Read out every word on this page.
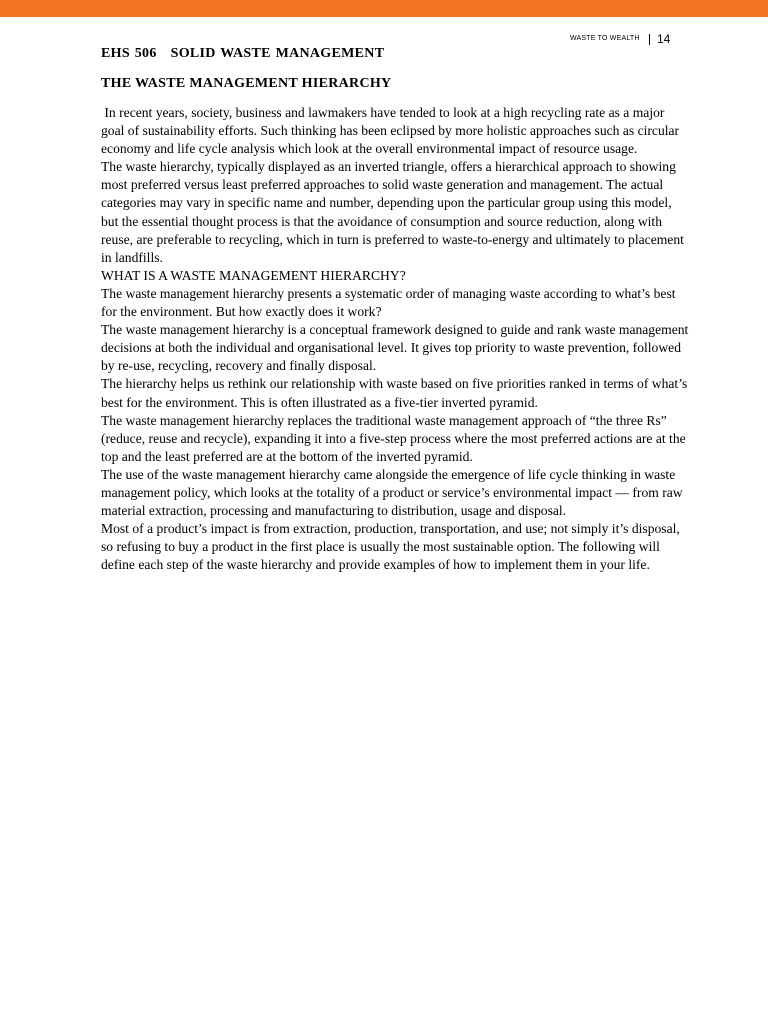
WASTE TO WEALTH 14
EHS 506 SOLID WASTE MANAGEMENT
THE WASTE MANAGEMENT HIERARCHY

In recent years, society, business and lawmakers have tended to look at a high recycling rate as a major goal of sustainability efforts. Such thinking has been eclipsed by more holistic approaches such as circular economy and life cycle analysis which look at the overall environmental impact of resource usage.

The waste hierarchy, typically displayed as an inverted triangle, offers a hierarchical approach to showing most preferred versus least preferred approaches to solid waste generation and management. The actual categories may vary in specific name and number, depending upon the particular group using this model, but the essential thought process is that the avoidance of consumption and source reduction, along with reuse, are preferable to recycling, which in turn is preferred to waste-to-energy and ultimately to placement in landfills.

WHAT IS A WASTE MANAGEMENT HIERARCHY?

The waste management hierarchy presents a systematic order of managing waste according to what’s best for the environment. But how exactly does it work?

The waste management hierarchy is a conceptual framework designed to guide and rank waste management decisions at both the individual and organisational level. It gives top priority to waste prevention, followed by re-use, recycling, recovery and finally disposal.

The hierarchy helps us rethink our relationship with waste based on five priorities ranked in terms of what’s best for the environment. This is often illustrated as a five-tier inverted pyramid.

The waste management hierarchy replaces the traditional waste management approach of “the three Rs” (reduce, reuse and recycle), expanding it into a five-step process where the most preferred actions are at the top and the least preferred are at the bottom of the inverted pyramid.

The use of the waste management hierarchy came alongside the emergence of life cycle thinking in waste management policy, which looks at the totality of a product or service’s environmental impact — from raw material extraction, processing and manufacturing to distribution, usage and disposal.

Most of a product’s impact is from extraction, production, transportation, and use; not simply it’s disposal, so refusing to buy a product in the first place is usually the most sustainable option. The following will define each step of the waste hierarchy and provide examples of how to implement them in your life.
